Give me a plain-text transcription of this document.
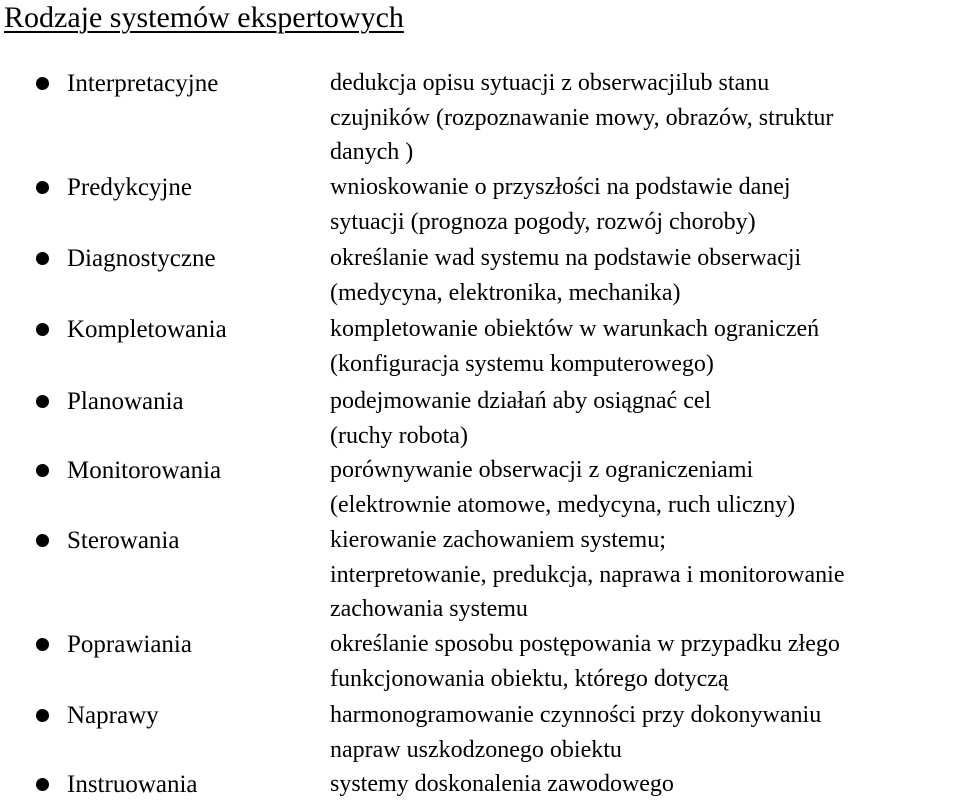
Rodzaje systemów ekspertowych
Interpretacyjne	dedukcja opisu sytuacji z obserwacjilub stanu
czujników (rozpoznawanie mowy, obrazów, struktur
danych )
Predykcyjne	wnioskowanie o przyszłości na podstawie danej
sytuacji (prognoza pogody, rozwój choroby)
Diagnostyczne	określanie wad systemu na podstawie obserwacji
(medycyna, elektronika, mechanika)
Kompletowania	kompletowanie obiektów w warunkach ograniczeń
(konfiguracja systemu komputerowego)
Planowania	podejmowanie działań aby osiągnać cel
(ruchy robota)
Monitorowania	porównywanie obserwacji z ograniczeniami
(elektrownie atomowe, medycyna, ruch uliczny)
Sterowania	kierowanie zachowaniem systemu;
interpretowanie, predukcja, naprawa i monitorowanie
zachowania systemu
Poprawiania	określanie sposobu postępowania w przypadku złego
funkcjonowania obiektu, którego dotyczą
Naprawy	harmonogramowanie czynności przy dokonywaniu
napraw uszkodzonego obiektu
Instruowania	systemy doskonalenia zawodowego
